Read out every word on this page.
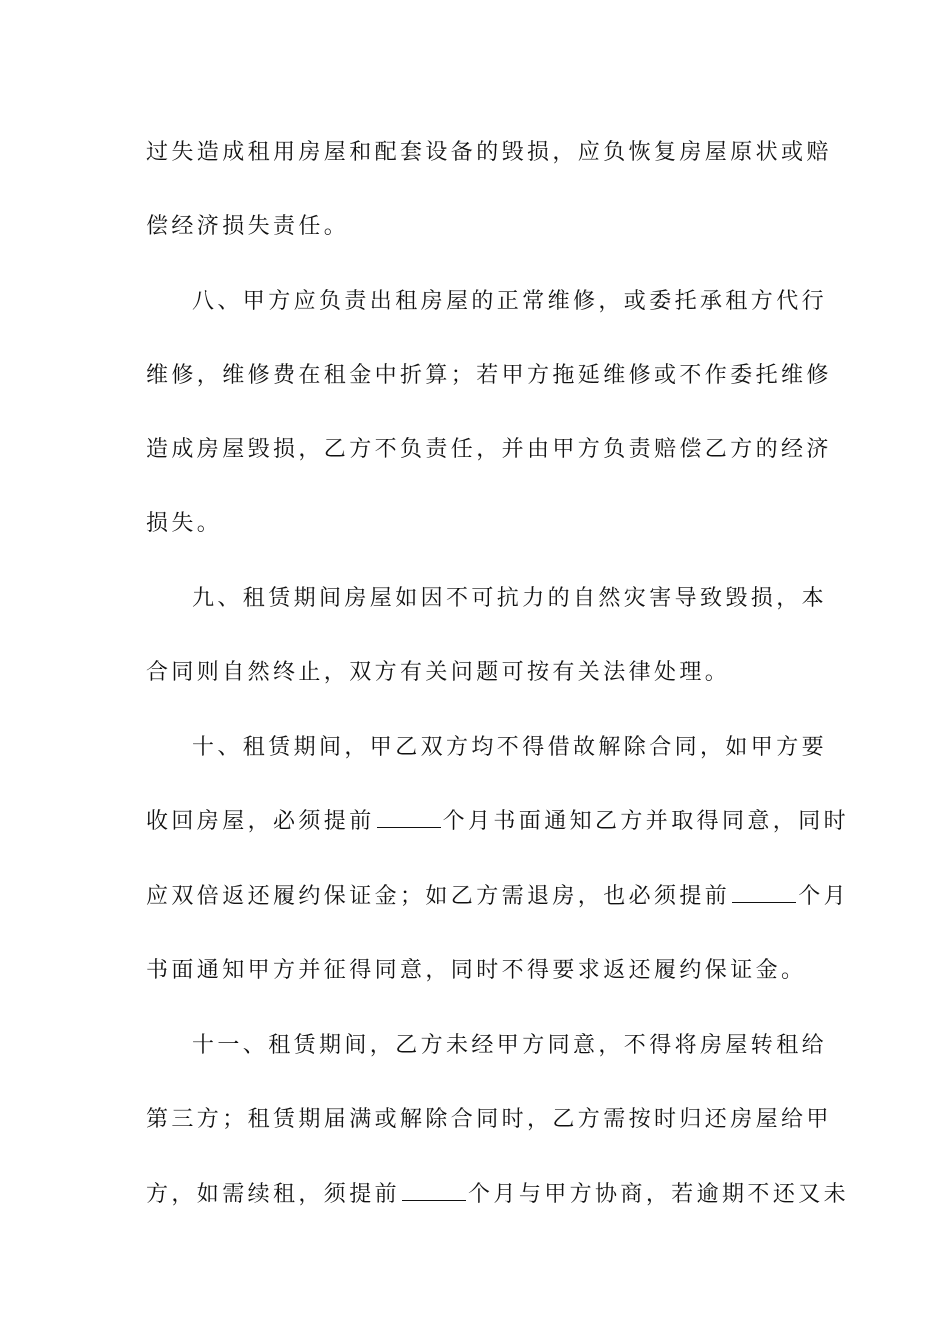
过失造成租用房屋和配套设备的毁损，应负恢复房屋原状或赔
偿经济损失责任。
八、甲方应负责出租房屋的正常维修，或委托承租方代行
维修，维修费在租金中折算；若甲方拖延维修或不作委托维修
造成房屋毁损，乙方不负责任，并由甲方负责赔偿乙方的经济
损失。
九、租赁期间房屋如因不可抗力的自然灾害导致毁损，本
合同则自然终止，双方有关问题可按有关法律处理。
十、租赁期间，甲乙双方均不得借故解除合同，如甲方要
收回房屋，必须提前	个月书面通知乙方并取得同意，同时
应双倍返还履约保证金；如乙方需退房，也必须提前	个月
书面通知甲方并征得同意，同时不得要求返还履约保证金。
十一、租赁期间，乙方未经甲方同意，不得将房屋转租给
第三方；租赁期届满或解除合同时，乙方需按时归还房屋给甲
方，如需续租，须提前	个月与甲方协商，若逾期不还又未
